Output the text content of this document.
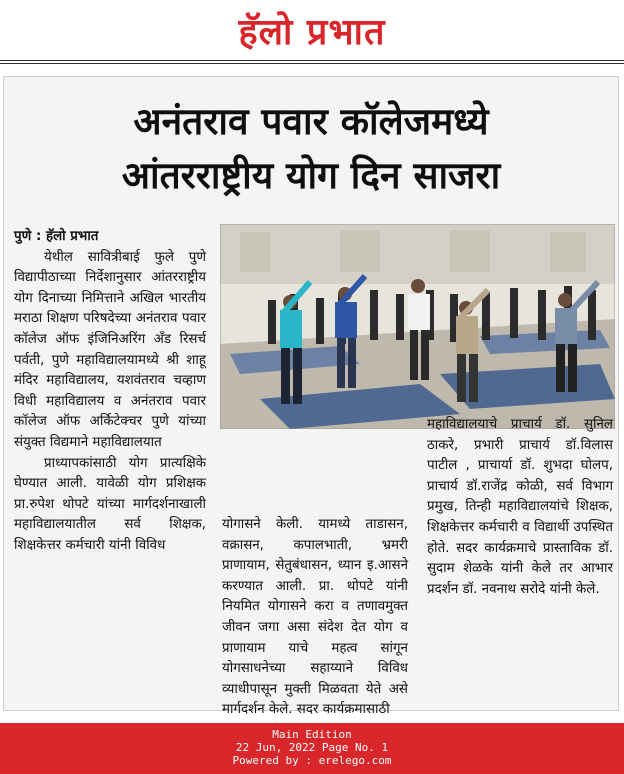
हॅलो प्रभात
अनंतराव पवार कॉलेजमध्ये
आंतरराष्ट्रीय योग दिन साजरा

पुणे : हॅलो प्रभात

येथील सावित्रीबाई फुले पुणे विद्यापीठाच्या निर्देशानुसार आंतरराष्ट्रीय योग दिनाच्या निमित्ताने अखिल भारतीय मराठा शिक्षण परिषदेच्या अनंतराव पवार कॉलेज ऑफ इंजिनिअरिंग अँड रिसर्च पर्वती, पुणे महाविद्यालयामध्ये श्री शाहू मंदिर महाविद्यालय, यशवंतराव चव्हाण विधी महाविद्यालय व अनंतराव पवार कॉलेज ऑफ अर्किटेक्चर पुणे यांच्या संयुक्त विद्यमाने महाविद्यालयात

प्राध्यापकांसाठी योग प्रात्यक्षिके घेण्यात आली. यावेळी योग प्रशिक्षक प्रा.रुपेश थोपटे यांच्या मार्गदर्शनाखाली महाविद्यालयातील सर्व शिक्षक, शिक्षकेत्तर कर्मचारी यांनी विविध

योगासने केली. यामध्ये ताडासन, वक्रासन, कपालभाती, भ्रमरी प्राणायाम, सेतुबंधासन, ध्यान इ.आसने करण्यात आली. प्रा. थोपटे यांनी नियमित योगासने करा व तणावमुक्त जीवन जगा असा संदेश देत योग व प्राणायाम याचे महत्व सांगून योगसाधनेच्या सहाय्याने विविध व्याधीपासून मुक्ती मिळवता येते असे मार्गदर्शन केले. सदर कार्यक्रमासाठी

महाविद्यालयाचे प्राचार्य डॉ. सुनिल ठाकरे, प्रभारी प्राचार्य डॉ.विलास पाटील , प्राचार्या डॉ. शुभदा घोलप, प्राचार्य डॉ.राजेंद्र कोळी, सर्व विभाग प्रमुख, तिन्ही महाविद्यालयांचे शिक्षक, शिक्षकेत्तर कर्मचारी व विद्यार्थी उपस्थित होते. सदर कार्यक्रमाचे प्रास्ताविक डॉ. सुदाम शेळके यांनी केले तर आभार प्रदर्शन डॉ. नवनाथ सरोदे यांनी केले.

Main Edition
22 Jun, 2022 Page No. 1
Powered by : erelego.com
